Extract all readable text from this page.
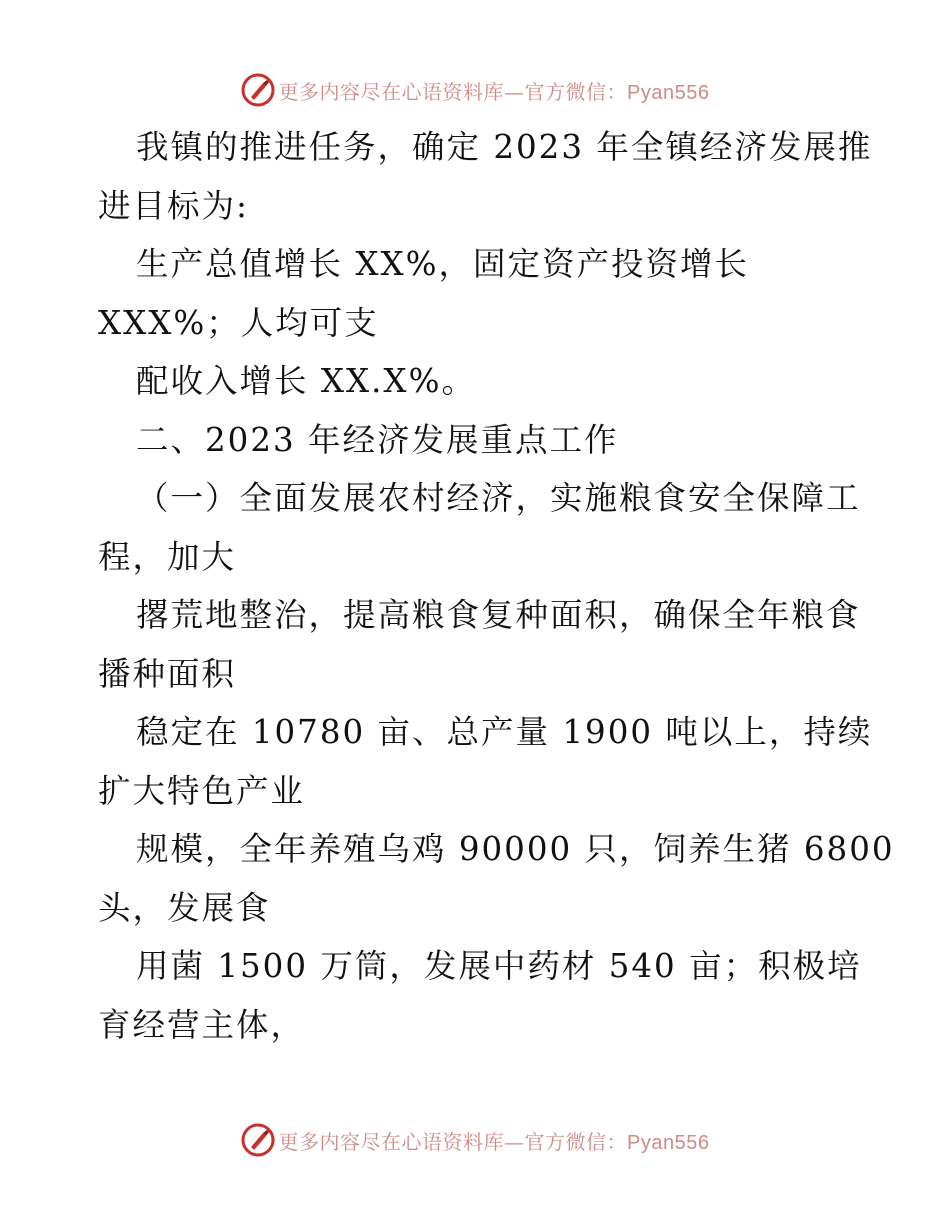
更多内容尽在心语资料库—官方微信：Pyan556
我镇的推进任务，确定 2023 年全镇经济发展推
进目标为:
生产总值增长 XX%，固定资产投资增长
XXX%；人均可支
配收入增长 XX.X%。
二、2023 年经济发展重点工作
（一）全面发展农村经济，实施粮食安全保障工
程，加大
撂荒地整治，提高粮食复种面积，确保全年粮食
播种面积
稳定在 10780 亩、总产量 1900 吨以上，持续
扩大特色产业
规模，全年养殖乌鸡 90000 只，饲养生猪 6800
头，发展食
用菌 1500 万筒，发展中药材 540 亩；积极培
育经营主体，
更多内容尽在心语资料库—官方微信：Pyan556
